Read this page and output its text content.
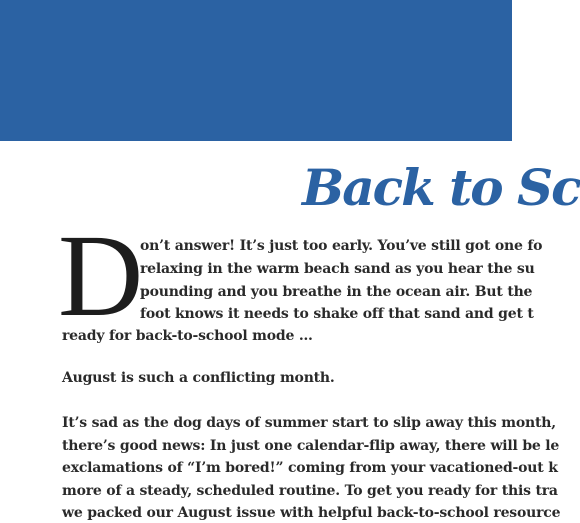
Back to Sc
D

on’t answer! It’s just too early. You’ve still got one fo

relaxing in the warm beach sand as you hear the su

pounding and you breathe in the ocean air. But the

foot knows it needs to shake off that sand and get t

ready for back-to-school mode …

August is such a conflicting month.

It’s sad as the dog days of summer start to slip away this month,

there’s good news: In just one calendar-flip away, there will be le

exclamations of “I’m bored!” coming from your vacationed-out k

more of a steady, scheduled routine. To get you ready for this tra

we packed our August issue with helpful back-to-school resource
